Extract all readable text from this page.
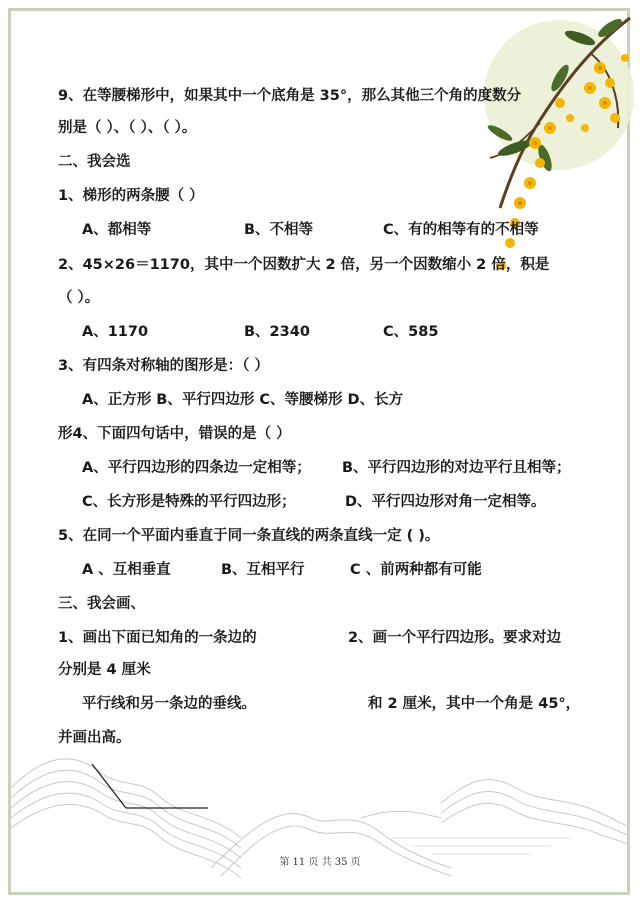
9、在等腰梯形中，如果其中一个底角是 35°，那么其他三个角的度数分
别是（ ）、（ ）、（ ）。
二、我会选
1、梯形的两条腰（ ）
A、都相等	B、不相等	C、有的相等有的不相等
2、45×26＝1170，其中一个因数扩大 2 倍，另一个因数缩小 2 倍，积是
（ ）。
A、1170	B、2340	C、585
3、有四条对称轴的图形是：（ ）
A、正方形 B、平行四边形 C、等腰梯形 D、长方
形4、下面四句话中，错误的是（ ）
A、平行四边形的四条边一定相等； B、平行四边形的对边平行且相等；
C、长方形是特殊的平行四边形；	D、平行四边形对角一定相等。
5、在同一个平面内垂直于同一条直线的两条直线一定 ( )。
A 、互相垂直	B、互相平行	C 、前两种都有可能
三、我会画、
1、画出下面已知角的一条边的	2、画一个平行四边形。要求对边
分别是 4 厘米
平行线和另一条边的垂线。	和 2 厘米，其中一个角是 45°，
并画出高。
第 11 页 共 35 页
